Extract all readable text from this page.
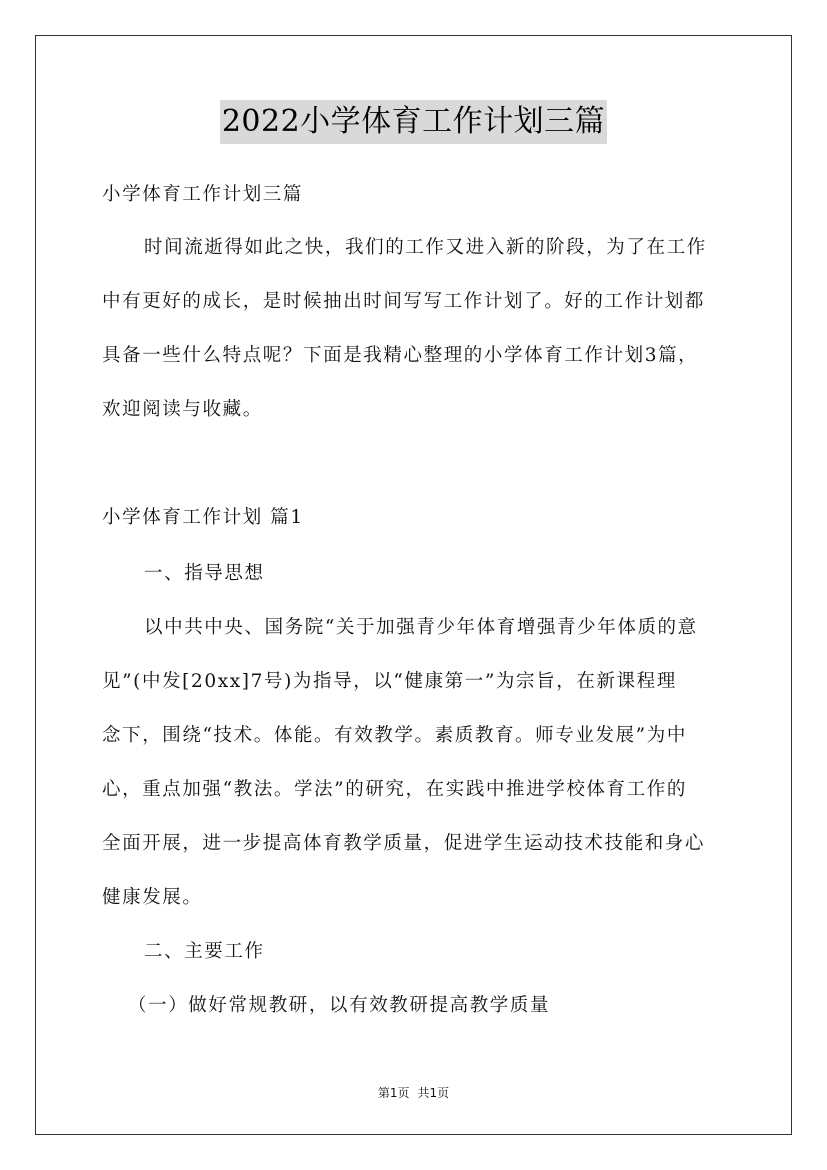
2022小学体育工作计划三篇
小学体育工作计划三篇
时间流逝得如此之快，我们的工作又进入新的阶段，为了在工作
中有更好的成长，是时候抽出时间写写工作计划了。好的工作计划都
具备一些什么特点呢？下面是我精心整理的小学体育工作计划3篇，
欢迎阅读与收藏。
小学体育工作计划 篇1
一、指导思想
以中共中央、国务院“关于加强青少年体育增强青少年体质的意
见”(中发[20xx]7号)为指导，以“健康第一”为宗旨，在新课程理
念下，围绕“技术。体能。有效教学。素质教育。师专业发展”为中
心，重点加强“教法。学法”的研究，在实践中推进学校体育工作的
全面开展，进一步提高体育教学质量，促进学生运动技术技能和身心
健康发展。
二、主要工作
（一）做好常规教研，以有效教研提高教学质量
第1页 共1页
